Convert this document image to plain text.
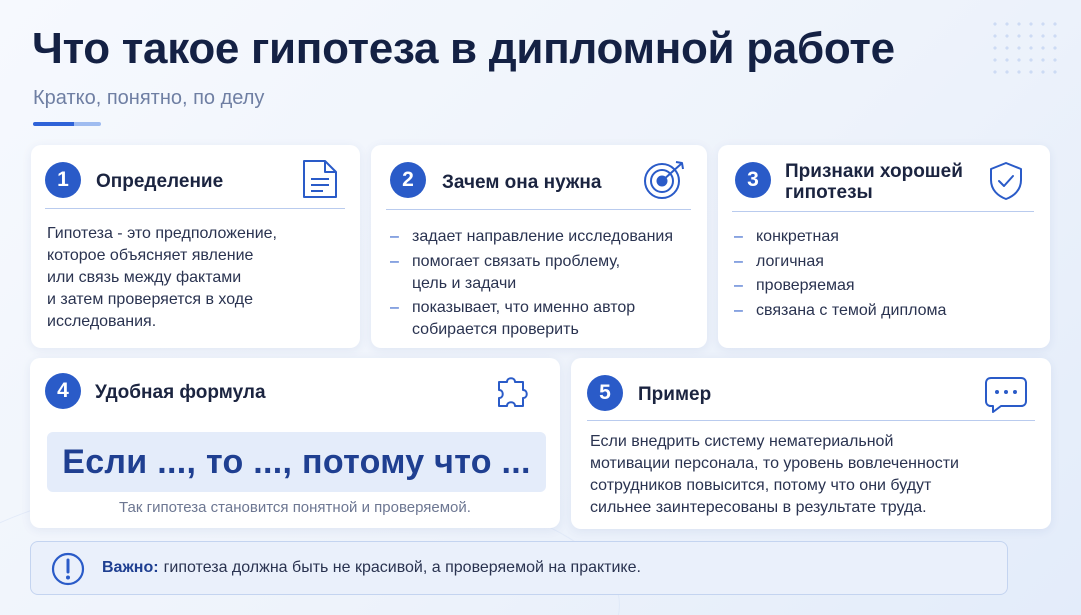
Что такое гипотеза в дипломной работе
Кратко, понятно, по делу
1	Определение
Гипотеза - это предположение,
которое объясняет явление
или связь между фактами
и затем проверяется в ходе
исследования.
2	Зачем она нужна
– задает направление исследования
– помогает связать проблему,
цель и задачи
– показывает, что именно автор
собирается проверить
3	Признаки хорошей
гипотезы
– конкретная
– логичная
– проверяемая
– связана с темой диплома
4	Удобная формула
Если ..., то ..., потому что ...
Так гипотеза становится понятной и проверяемой.
5	Пример
Если внедрить систему нематериальной
мотивации персонала, то уровень вовлеченности
сотрудников повысится, потому что они будут
сильнее заинтересованы в результате труда.
Важно: гипотеза должна быть не красивой, а проверяемой на практике.
